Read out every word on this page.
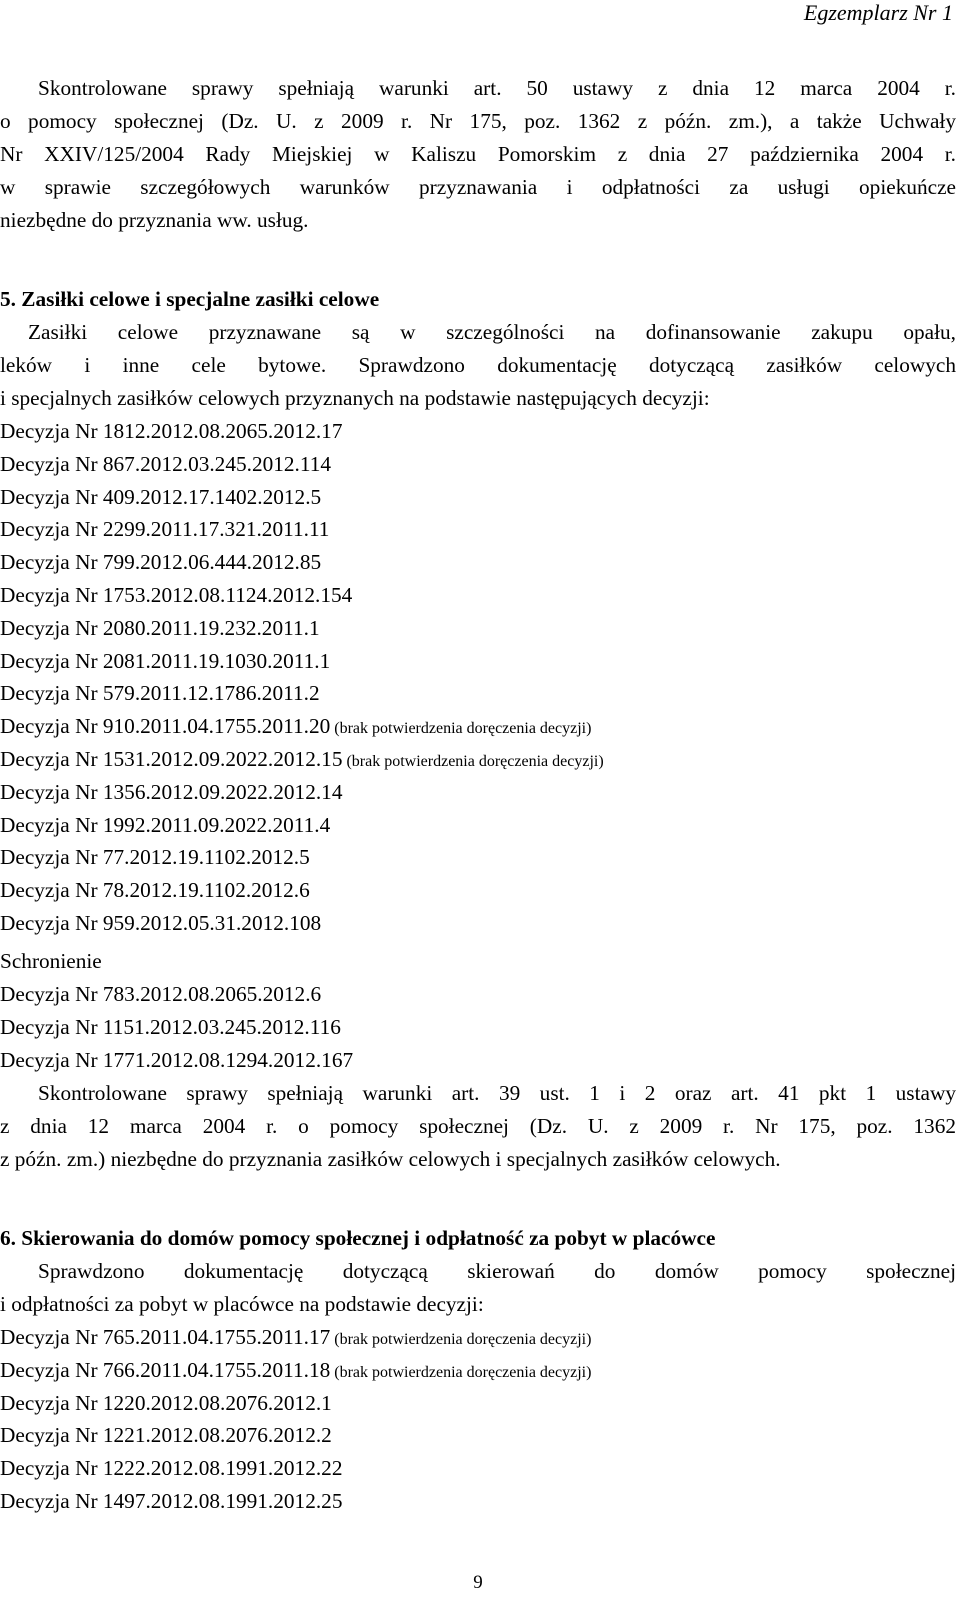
Egzemplarz Nr 1
Skontrolowane sprawy spełniają warunki art. 50 ustawy z dnia 12 marca 2004 r.
o pomocy społecznej (Dz. U. z 2009 r. Nr 175, poz. 1362 z późn. zm.), a także Uchwały
Nr XXIV/125/2004 Rady Miejskiej w Kaliszu Pomorskim z dnia 27 października 2004 r.
w sprawie szczegółowych warunków przyznawania i odpłatności za usługi opiekuńcze
niezbędne do przyznania ww. usług.
5. Zasiłki celowe i specjalne zasiłki celowe
Zasiłki celowe przyznawane są w szczególności na dofinansowanie zakupu opału,
leków i inne cele bytowe. Sprawdzono dokumentację dotyczącą zasiłków celowych
i specjalnych zasiłków celowych przyznanych na podstawie następujących decyzji:
Decyzja Nr 1812.2012.08.2065.2012.17
Decyzja Nr 867.2012.03.245.2012.114
Decyzja Nr 409.2012.17.1402.2012.5
Decyzja Nr 2299.2011.17.321.2011.11
Decyzja Nr 799.2012.06.444.2012.85
Decyzja Nr 1753.2012.08.1124.2012.154
Decyzja Nr 2080.2011.19.232.2011.1
Decyzja Nr 2081.2011.19.1030.2011.1
Decyzja Nr 579.2011.12.1786.2011.2
Decyzja Nr 910.2011.04.1755.2011.20 (brak potwierdzenia doręczenia decyzji)
Decyzja Nr 1531.2012.09.2022.2012.15 (brak potwierdzenia doręczenia decyzji)
Decyzja Nr 1356.2012.09.2022.2012.14
Decyzja Nr 1992.2011.09.2022.2011.4
Decyzja Nr 77.2012.19.1102.2012.5
Decyzja Nr 78.2012.19.1102.2012.6
Decyzja Nr 959.2012.05.31.2012.108
Schronienie
Decyzja Nr 783.2012.08.2065.2012.6
Decyzja Nr 1151.2012.03.245.2012.116
Decyzja Nr 1771.2012.08.1294.2012.167
Skontrolowane sprawy spełniają warunki art. 39 ust. 1 i 2 oraz art. 41 pkt 1 ustawy
z dnia 12 marca 2004 r. o pomocy społecznej (Dz. U. z 2009 r. Nr 175, poz. 1362
z późn. zm.) niezbędne do przyznania zasiłków celowych i specjalnych zasiłków celowych.
6. Skierowania do domów pomocy społecznej i odpłatność za pobyt w placówce
Sprawdzono dokumentację dotyczącą skierowań do domów pomocy społecznej
i odpłatności za pobyt w placówce na podstawie decyzji:
Decyzja Nr 765.2011.04.1755.2011.17 (brak potwierdzenia doręczenia decyzji)
Decyzja Nr 766.2011.04.1755.2011.18 (brak potwierdzenia doręczenia decyzji)
Decyzja Nr 1220.2012.08.2076.2012.1
Decyzja Nr 1221.2012.08.2076.2012.2
Decyzja Nr 1222.2012.08.1991.2012.22
Decyzja Nr 1497.2012.08.1991.2012.25
9
